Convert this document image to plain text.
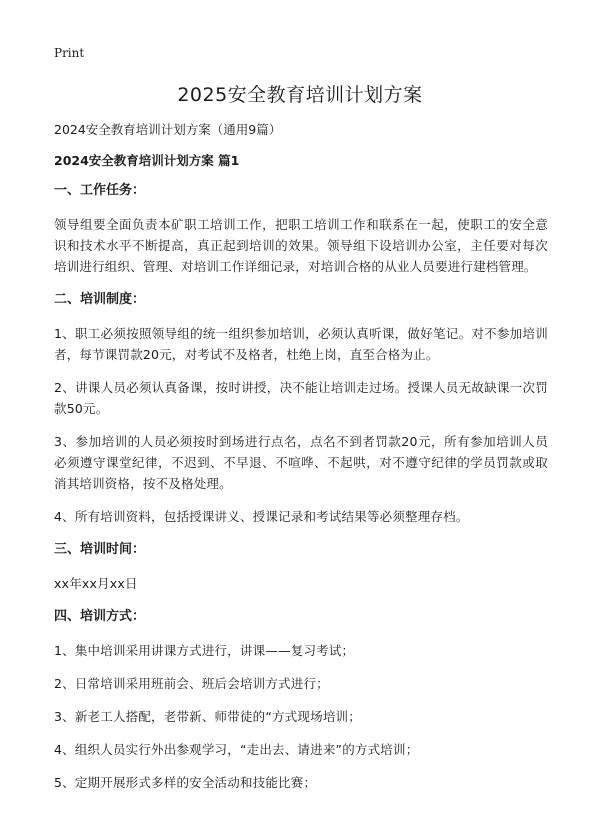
Print
2025安全教育培训计划方案
2024安全教育培训计划方案（通用9篇）
2024安全教育培训计划方案 篇1
一、工作任务：

领导组要全面负责本矿职工培训工作，把职工培训工作和联系在一起，使职工的安全意识和技术水平不断提高，真正起到培训的效果。领导组下设培训办公室，主任要对每次培训进行组织、管理、对培训工作详细记录，对培训合格的从业人员要进行建档管理。

二、培训制度：

1、职工必须按照领导组的统一组织参加培训，必须认真听课，做好笔记。对不参加培训者，每节课罚款20元，对考试不及格者，杜绝上岗，直至合格为止。

2、讲课人员必须认真备课，按时讲授，决不能让培训走过场。授课人员无故缺课一次罚款50元。

3、参加培训的人员必须按时到场进行点名，点名不到者罚款20元，所有参加培训人员必须遵守课堂纪律，不迟到、不早退、不喧哗、不起哄，对不遵守纪律的学员罚款或取消其培训资格，按不及格处理。

4、所有培训资料，包括授课讲义、授课记录和考试结果等必须整理存档。

三、培训时间：

xx年xx月xx日

四、培训方式：

1、集中培训采用讲课方式进行，讲课——复习考试；

2、日常培训采用班前会、班后会培训方式进行；

3、新老工人搭配，老带新、师带徒的“方式现场培训；

4、组织人员实行外出参观学习，“走出去、请进来”的方式培训；

5、定期开展形式多样的安全活动和技能比赛；
